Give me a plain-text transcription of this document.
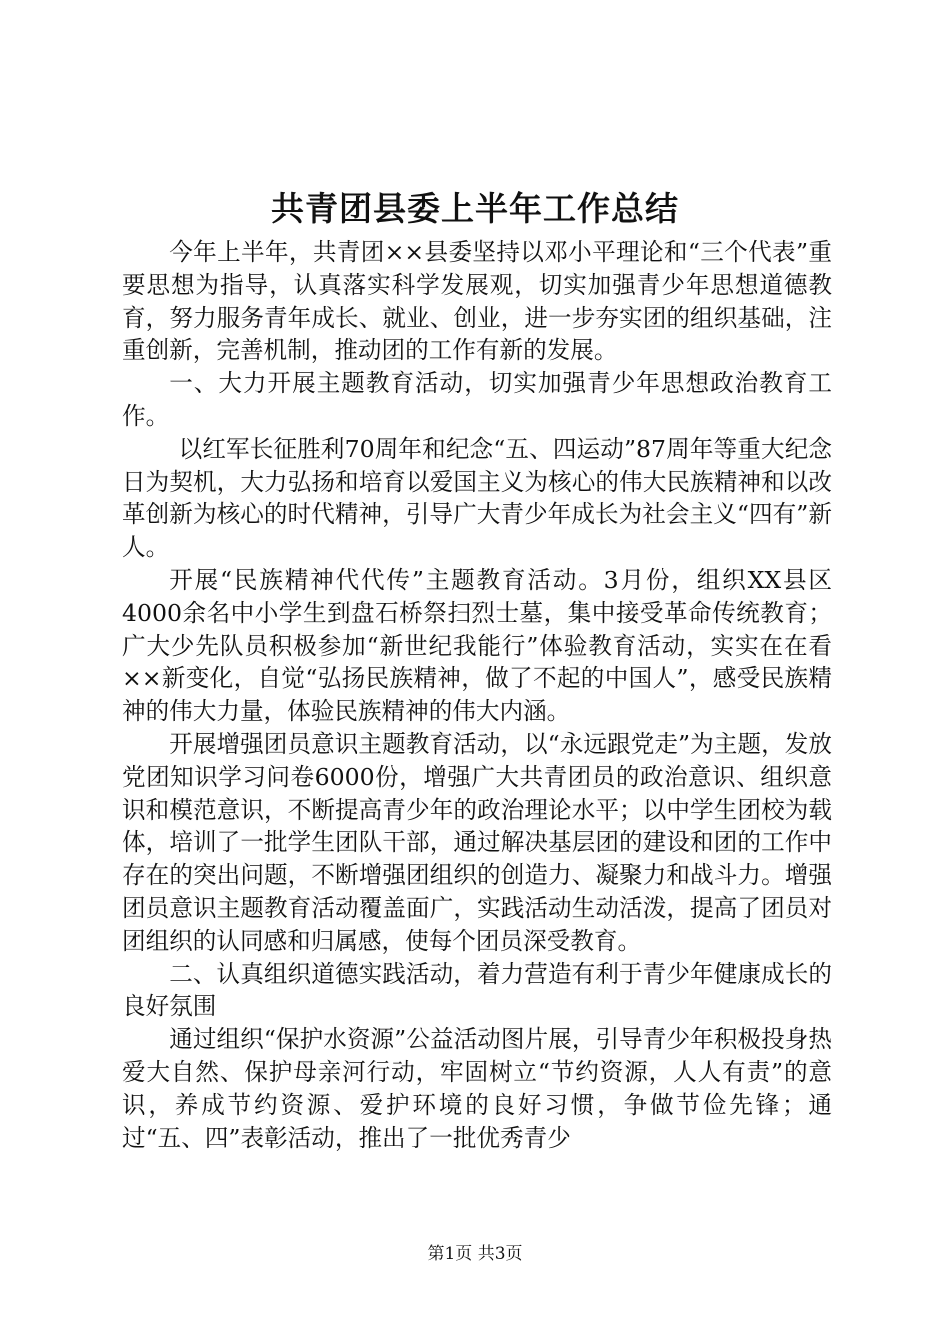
共青团县委上半年工作总结

今年上半年，共青团××县委坚持以邓小平理论和“三个代表”重要思想为指导，认真落实科学发展观，切实加强青少年思想道德教育，努力服务青年成长、就业、创业，进一步夯实团的组织基础，注重创新，完善机制，推动团的工作有新的发展。

一、大力开展主题教育活动，切实加强青少年思想政治教育工作。

以红军长征胜利70周年和纪念“五、四运动”87周年等重大纪念日为契机，大力弘扬和培育以爱国主义为核心的伟大民族精神和以改革创新为核心的时代精神，引导广大青少年成长为社会主义“四有”新人。

开展“民族精神代代传”主题教育活动。3月份，组织XX县区4000余名中小学生到盘石桥祭扫烈士墓，集中接受革命传统教育；广大少先队员积极参加“新世纪我能行”体验教育活动，实实在在看××新变化，自觉“弘扬民族精神，做了不起的中国人”，感受民族精神的伟大力量，体验民族精神的伟大内涵。

开展增强团员意识主题教育活动，以“永远跟党走”为主题，发放党团知识学习问卷6000份，增强广大共青团员的政治意识、组织意识和模范意识，不断提高青少年的政治理论水平；以中学生团校为载体，培训了一批学生团队干部，通过解决基层团的建设和团的工作中存在的突出问题，不断增强团组织的创造力、凝聚力和战斗力。增强团员意识主题教育活动覆盖面广，实践活动生动活泼，提高了团员对团组织的认同感和归属感，使每个团员深受教育。

二、认真组织道德实践活动，着力营造有利于青少年健康成长的良好氛围

通过组织“保护水资源”公益活动图片展，引导青少年积极投身热爱大自然、保护母亲河行动，牢固树立“节约资源，人人有责”的意识，养成节约资源、爱护环境的良好习惯，争做节俭先锋；通过“五、四”表彰活动，推出了一批优秀青少

第1页 共3页
